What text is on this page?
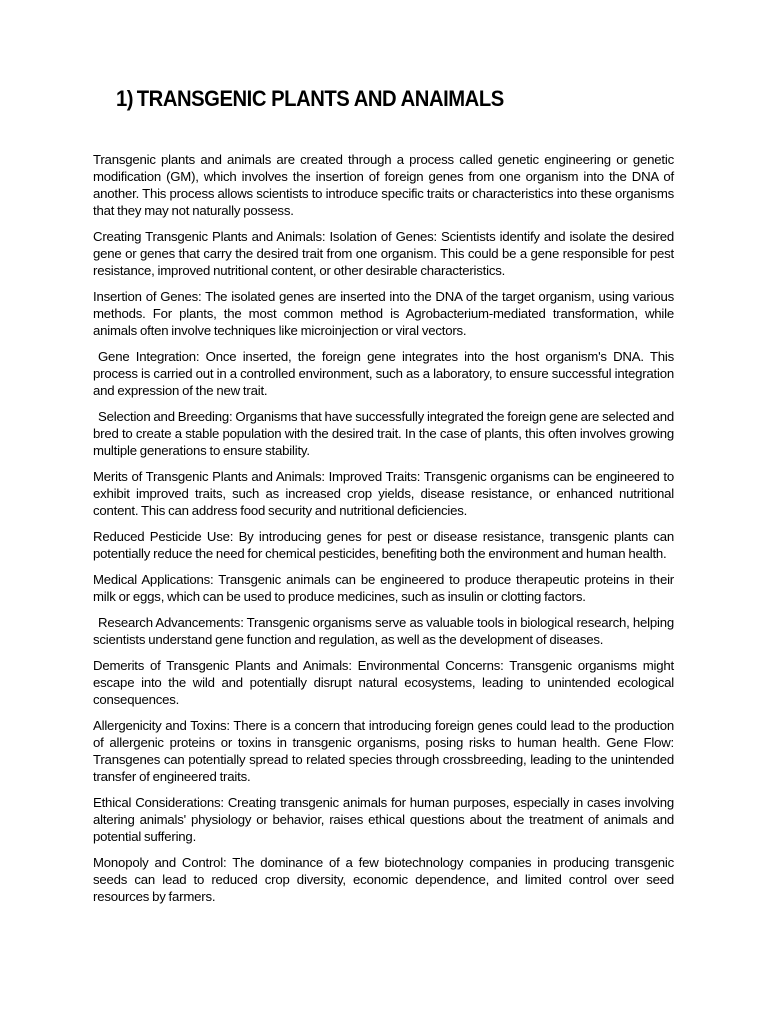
1) TRANSGENIC PLANTS AND ANAIMALS

Transgenic plants and animals are created through a process called genetic engineering or genetic modification (GM), which involves the insertion of foreign genes from one organism into the DNA of another. This process allows scientists to introduce specific traits or characteristics into these organisms that they may not naturally possess.

Creating Transgenic Plants and Animals: Isolation of Genes: Scientists identify and isolate the desired gene or genes that carry the desired trait from one organism. This could be a gene responsible for pest resistance, improved nutritional content, or other desirable characteristics.

Insertion of Genes: The isolated genes are inserted into the DNA of the target organism, using various methods. For plants, the most common method is Agrobacterium-mediated transformation, while animals often involve techniques like microinjection or viral vectors.

Gene Integration: Once inserted, the foreign gene integrates into the host organism's DNA. This process is carried out in a controlled environment, such as a laboratory, to ensure successful integration and expression of the new trait.

Selection and Breeding: Organisms that have successfully integrated the foreign gene are selected and bred to create a stable population with the desired trait. In the case of plants, this often involves growing multiple generations to ensure stability.

Merits of Transgenic Plants and Animals: Improved Traits: Transgenic organisms can be engineered to exhibit improved traits, such as increased crop yields, disease resistance, or enhanced nutritional content. This can address food security and nutritional deficiencies.

Reduced Pesticide Use: By introducing genes for pest or disease resistance, transgenic plants can potentially reduce the need for chemical pesticides, benefiting both the environment and human health.

Medical Applications: Transgenic animals can be engineered to produce therapeutic proteins in their milk or eggs, which can be used to produce medicines, such as insulin or clotting factors.

Research Advancements: Transgenic organisms serve as valuable tools in biological research, helping scientists understand gene function and regulation, as well as the development of diseases.

Demerits of Transgenic Plants and Animals: Environmental Concerns: Transgenic organisms might escape into the wild and potentially disrupt natural ecosystems, leading to unintended ecological consequences.

Allergenicity and Toxins: There is a concern that introducing foreign genes could lead to the production of allergenic proteins or toxins in transgenic organisms, posing risks to human health. Gene Flow: Transgenes can potentially spread to related species through crossbreeding, leading to the unintended transfer of engineered traits.

Ethical Considerations: Creating transgenic animals for human purposes, especially in cases involving altering animals' physiology or behavior, raises ethical questions about the treatment of animals and potential suffering.

Monopoly and Control: The dominance of a few biotechnology companies in producing transgenic seeds can lead to reduced crop diversity, economic dependence, and limited control over seed resources by farmers.
